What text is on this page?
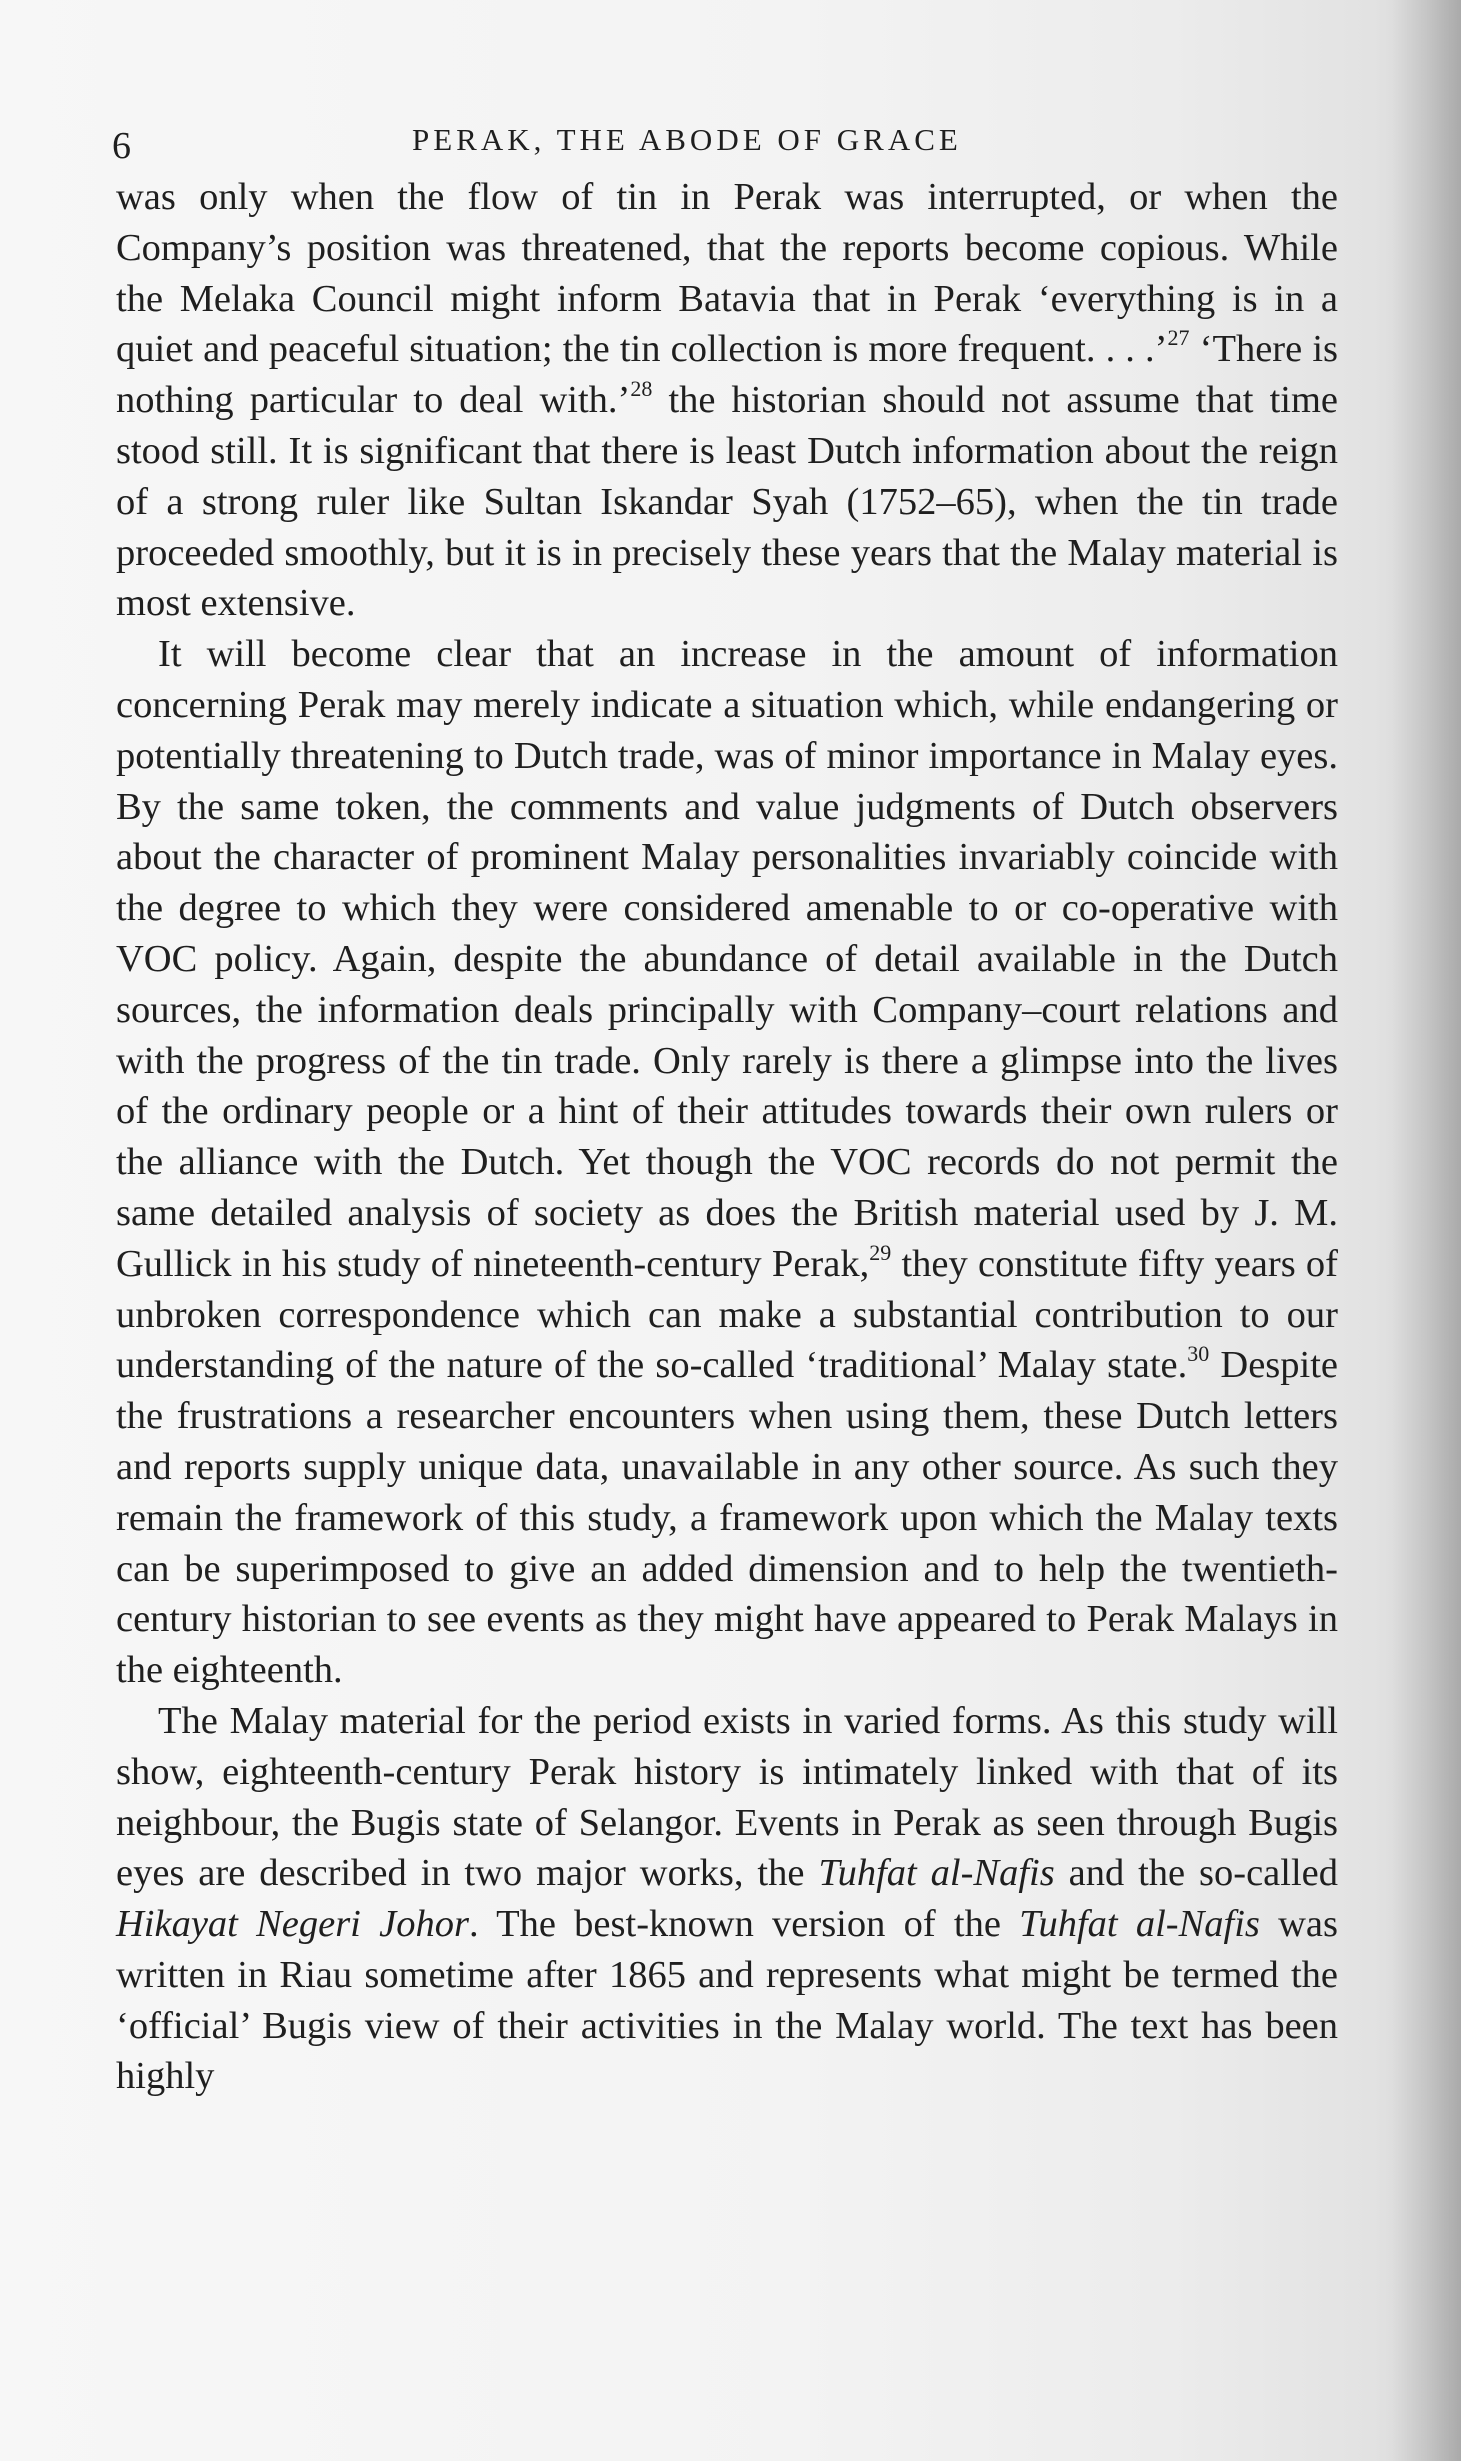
6	PERAK, THE ABODE OF GRACE

was only when the flow of tin in Perak was interrupted, or when the Company’s position was threatened, that the reports become copious. While the Melaka Council might inform Batavia that in Perak ‘everything is in a quiet and peaceful situation; the tin collection is more frequent. . . .’$^{27}$ ‘There is nothing particular to deal with.’$^{28}$ the historian should not assume that time stood still. It is significant that there is least Dutch information about the reign of a strong ruler like Sultan Iskandar Syah (1752–65), when the tin trade proceeded smoothly, but it is in precisely these years that the Malay material is most extensive.

It will become clear that an increase in the amount of information concerning Perak may merely indicate a situation which, while endangering or potentially threatening to Dutch trade, was of minor importance in Malay eyes. By the same token, the comments and value judgments of Dutch observers about the character of prominent Malay personalities invariably coincide with the degree to which they were considered amenable to or co-operative with VOC policy. Again, despite the abundance of detail available in the Dutch sources, the information deals principally with Company–court relations and with the progress of the tin trade. Only rarely is there a glimpse into the lives of the ordinary people or a hint of their attitudes towards their own rulers or the alliance with the Dutch. Yet though the VOC records do not permit the same detailed analysis of society as does the British material used by J. M. Gullick in his study of nineteenth-century Perak,$^{29}$ they constitute fifty years of unbroken correspondence which can make a substantial contribution to our understanding of the nature of the so-called ‘traditional’ Malay state.$^{30}$ Despite the frustrations a researcher encounters when using them, these Dutch letters and reports supply unique data, unavailable in any other source. As such they remain the framework of this study, a framework upon which the Malay texts can be superimposed to give an added dimension and to help the twentieth-century historian to see events as they might have appeared to Perak Malays in the eighteenth.

The Malay material for the period exists in varied forms. As this study will show, eighteenth-century Perak history is intimately linked with that of its neighbour, the Bugis state of Selangor. Events in Perak as seen through Bugis eyes are described in two major works, the Tuhfat al-Nafis and the so-called Hikayat Negeri Johor. The best-known version of the Tuhfat al-Nafis was written in Riau sometime after 1865 and represents what might be termed the ‘official’ Bugis view of their activities in the Malay world. The text has been highly
